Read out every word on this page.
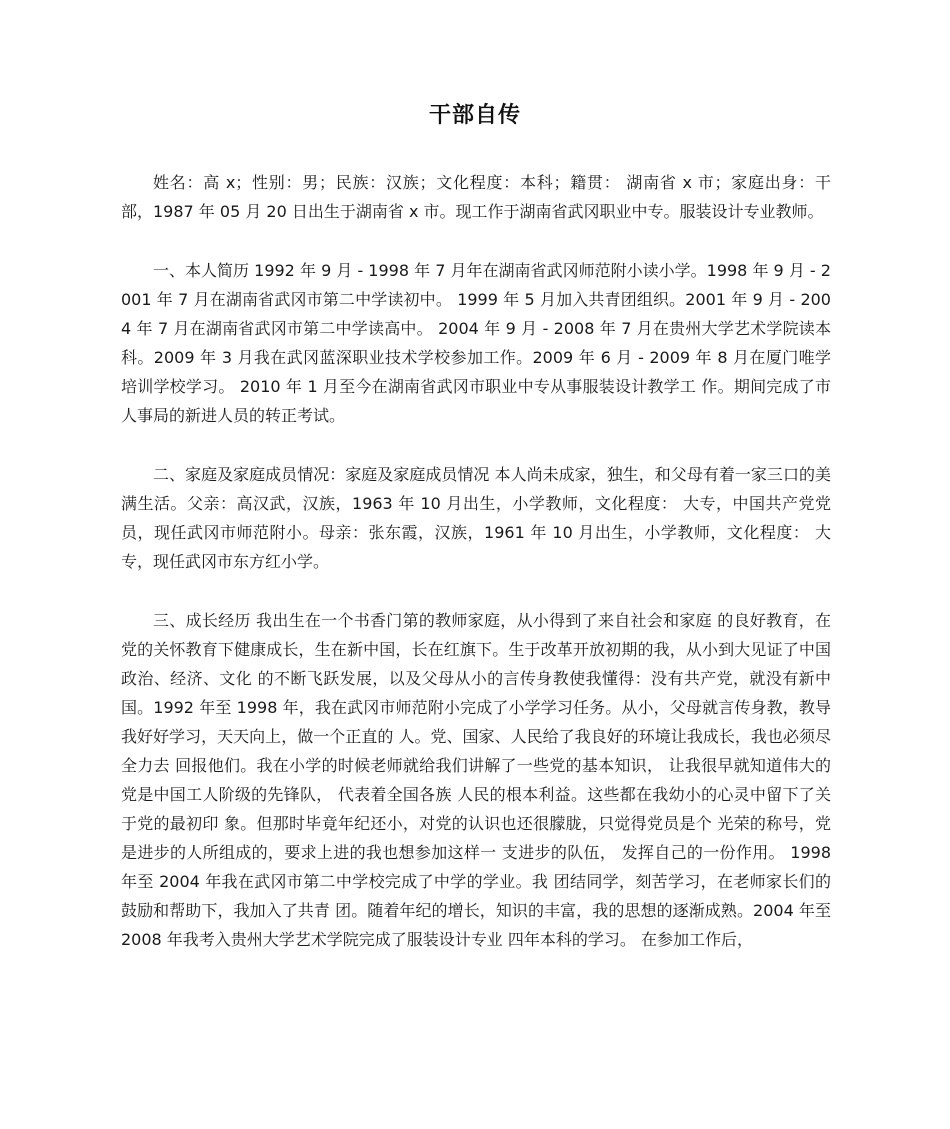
干部自传

姓名：高 x；性别：男；民族：汉族；文化程度：本科；籍贯： 湖南省 x 市；家庭出身：干部，1987 年 05 月 20 日出生于湖南省 x 市。现工作于湖南省武冈职业中专。服装设计专业教师。

一、本人简历 1992 年 9 月 - 1998 年 7 月年在湖南省武冈师范附小读小学。1998 年 9 月 - 2001 年 7 月在湖南省武冈市第二中学读初中。 1999 年 5 月加入共青团组织。2001 年 9 月 - 2004 年 7 月在湖南省武冈市第二中学读高中。 2004 年 9 月 - 2008 年 7 月在贵州大学艺术学院读本科。2009 年 3 月我在武冈蓝深职业技术学校参加工作。2009 年 6 月 - 2009 年 8 月在厦门唯学培训学校学习。 2010 年 1 月至今在湖南省武冈市职业中专从事服装设计教学工 作。期间完成了市人事局的新进人员的转正考试。

二、家庭及家庭成员情况：家庭及家庭成员情况 本人尚未成家，独生，和父母有着一家三口的美满生活。父亲：高汉武，汉族，1963 年 10 月出生，小学教师，文化程度： 大专，中国共产党党员，现任武冈市师范附小。母亲：张东霞，汉族，1961 年 10 月出生，小学教师，文化程度： 大专，现任武冈市东方红小学。

三、成长经历 我出生在一个书香门第的教师家庭，从小得到了来自社会和家庭 的良好教育，在党的关怀教育下健康成长，生在新中国，长在红旗下。生于改革开放初期的我，从小到大见证了中国政治、经济、文化 的不断飞跃发展，以及父母从小的言传身教使我懂得：没有共产党，就没有新中国。1992 年至 1998 年，我在武冈市师范附小完成了小学学习任务。从小，父母就言传身教，教导我好好学习，天天向上，做一个正直的 人。党、国家、人民给了我良好的环境让我成长，我也必须尽全力去 回报他们。我在小学的时候老师就给我们讲解了一些党的基本知识， 让我很早就知道伟大的党是中国工人阶级的先锋队， 代表着全国各族 人民的根本利益。这些都在我幼小的心灵中留下了关于党的最初印 象。但那时毕竟年纪还小，对党的认识也还很朦胧，只觉得党员是个 光荣的称号，党是进步的人所组成的，要求上进的我也想参加这样一 支进步的队伍， 发挥自己的一份作用。 1998 年至 2004 年我在武冈市第二中学校完成了中学的学业。我 团结同学，刻苦学习，在老师家长们的鼓励和帮助下，我加入了共青 团。随着年纪的增长，知识的丰富，我的思想的逐渐成熟。2004 年至 2008 年我考入贵州大学艺术学院完成了服装设计专业 四年本科的学习。 在参加工作后，
